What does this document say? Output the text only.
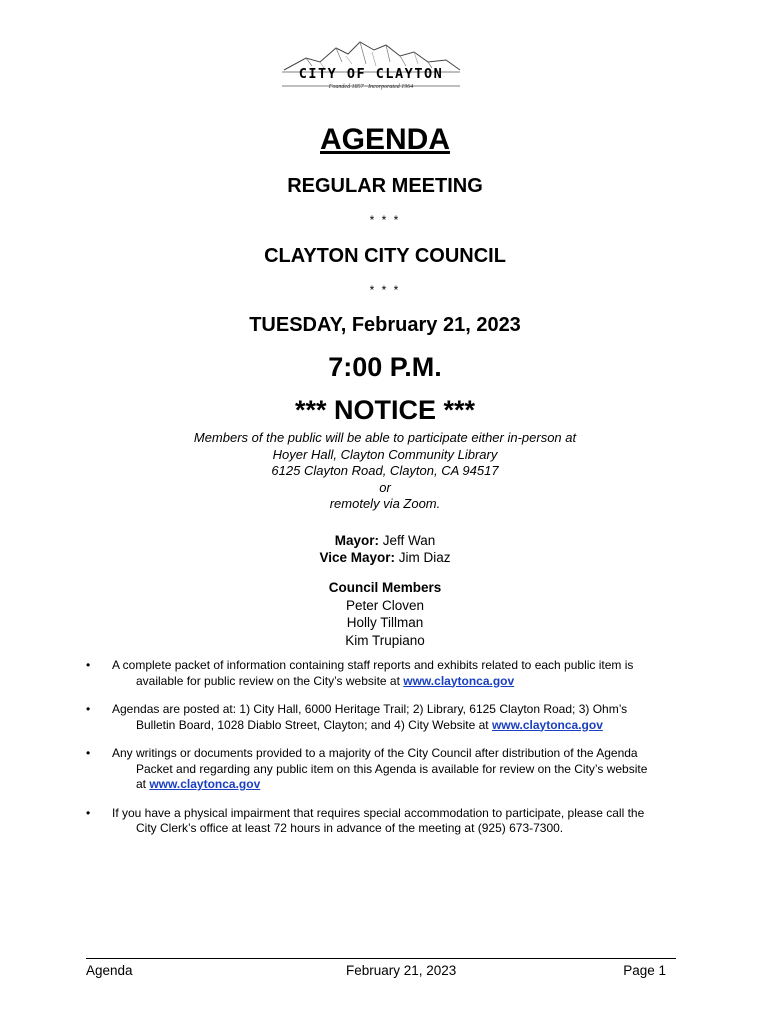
CITY OF CLAYTON
Founded 1857 · Incorporated 1964
AGENDA
REGULAR MEETING
* * *
CLAYTON CITY COUNCIL
* * *
TUESDAY, February 21, 2023
7:00 P.M.
*** NOTICE ***
Members of the public will be able to participate either in-person at
Hoyer Hall, Clayton Community Library
6125 Clayton Road, Clayton, CA 94517
or
remotely via Zoom.
Mayor: Jeff Wan
Vice Mayor: Jim Diaz
Council Members
Peter Cloven
Holly Tillman
Kim Trupiano
• A complete packet of information containing staff reports and exhibits related to each public item is
available for public review on the City’s website at www.claytonca.gov
• Agendas are posted at: 1) City Hall, 6000 Heritage Trail; 2) Library, 6125 Clayton Road; 3) Ohm’s
Bulletin Board, 1028 Diablo Street, Clayton; and 4) City Website at www.claytonca.gov
• Any writings or documents provided to a majority of the City Council after distribution of the Agenda
Packet and regarding any public item on this Agenda is available for review on the City’s website
at www.claytonca.gov
• If you have a physical impairment that requires special accommodation to participate, please call the
City Clerk’s office at least 72 hours in advance of the meeting at (925) 673-7300.
Agenda	February 21, 2023	Page 1
